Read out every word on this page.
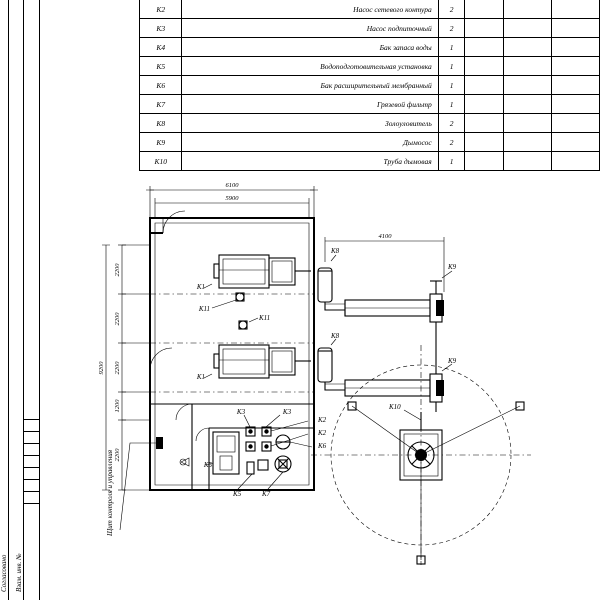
K2	Насос сетевого контура	2			
K3	Насос подпиточный	2			
K4	Бак запаса воды	1			
K5	Водоподготовительная установка	1			
K6	Бак расширительный мембранный	1			
K7	Грязевой фильтр	1			
K8	Золоуловитель	2			
K9	Дымосос	2			
K10	Труба дымовая	1			
Согласовано Взам. инв. №
6100
5900
4100
9200
2200
2200
2200
1200
2200
K1
K11
K1
K11
K8
K8
K9
K9
K10
K5
K3	K3
K2
K2
K6
K5	K7
Щит контроля и управления
